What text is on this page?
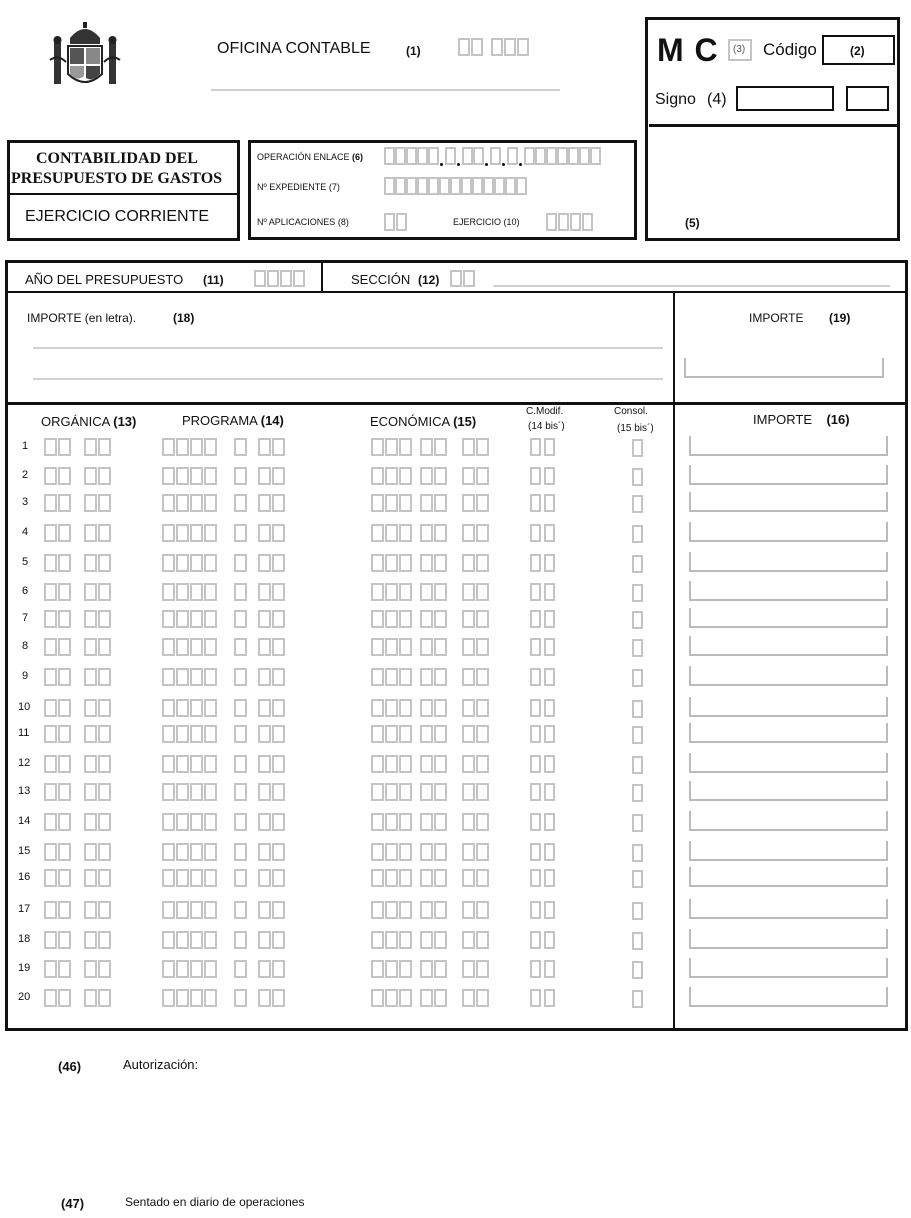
OFICINA CONTABLE	(1)	M C (3) Código	(2)
Signo (4)
(5)
CONTABILIDAD DEL
PRESUPUESTO DE GASTOS
EJERCICIO CORRIENTE
OPERACIÓN ENLACE (6)
Nº EXPEDIENTE (7)
Nº APLICACIONES (8)	EJERCICIO (10)
AÑO DEL PRESUPUESTO (11)	SECCIÓN (12)
IMPORTE (en letra).	(18)	IMPORTE (19)
ORGÁNICA (13)	PROGRAMA (14)	ECONÓMICA (15)
C.Modif.
(14 bis´)
Consol.
(15 bis´)
IMPORTE (16)
1
2
3
4
5
6
7
8
9
10
11
12
13
14
15
16
17
18
19
20
(46)	Autorización:
(47)	Sentado en diario de operaciones
